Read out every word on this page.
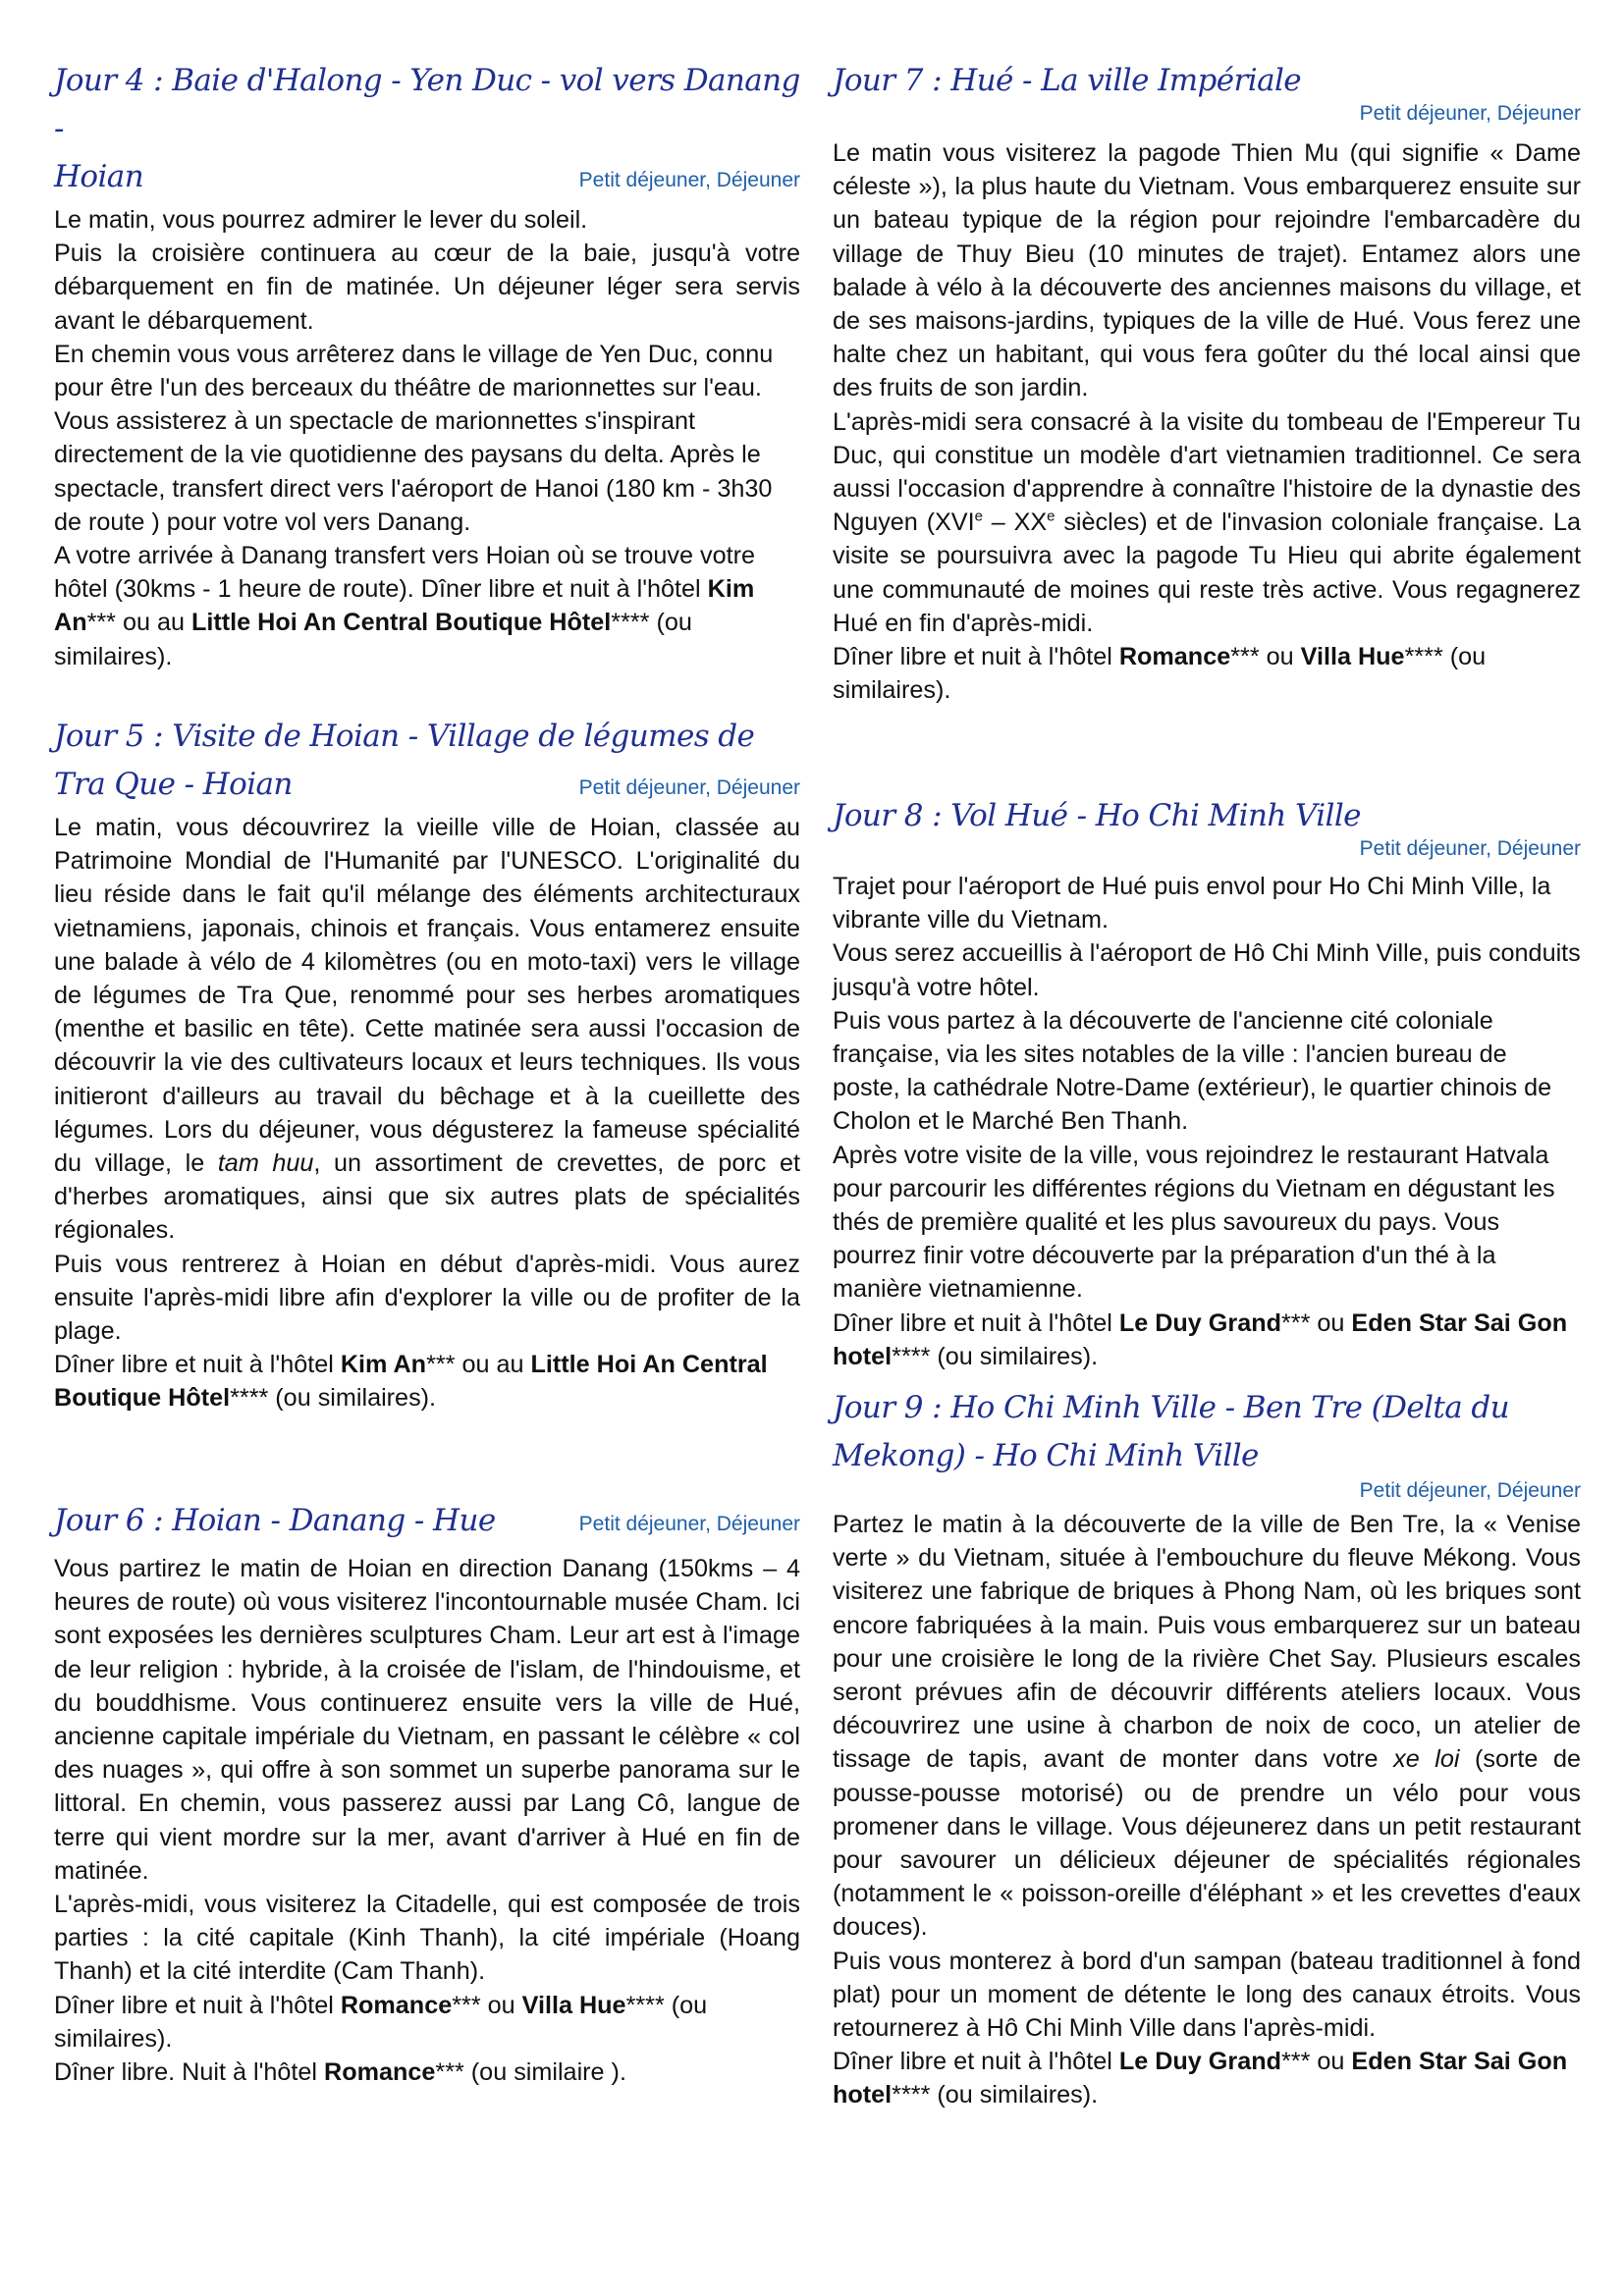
Jour 4 : Baie d'Halong - Yen Duc - vol vers Danang -
Hoian	Petit déjeuner, Déjeuner

Le matin, vous pourrez admirer le lever du soleil.

Puis la croisière continuera au cœur de la baie, jusqu'à votre débarquement en fin de matinée. Un déjeuner léger sera servis avant le débarquement.

En chemin vous vous arrêterez dans le village de Yen Duc, connu pour être l'un des berceaux du théâtre de marionnettes sur l'eau. Vous assisterez à un spectacle de marionnettes s'inspirant directement de la vie quotidienne des paysans du delta. Après le spectacle, transfert direct vers l'aéroport de Hanoi (180 km - 3h30 de route ) pour votre vol vers Danang.

A votre arrivée à Danang transfert vers Hoian où se trouve votre hôtel (30kms - 1 heure de route). Dîner libre et nuit à l'hôtel Kim An*** ou au Little Hoi An Central Boutique Hôtel**** (ou similaires).

Jour 5 : Visite de Hoian - Village de légumes de
Tra Que - Hoian	Petit déjeuner, Déjeuner

Le matin, vous découvrirez la vieille ville de Hoian, classée au Patrimoine Mondial de l'Humanité par l'UNESCO. L'originalité du lieu réside dans le fait qu'il mélange des éléments architecturaux vietnamiens, japonais, chinois et français. Vous entamerez ensuite une balade à vélo de 4 kilomètres (ou en moto-taxi) vers le village de légumes de Tra Que, renommé pour ses herbes aromatiques (menthe et basilic en tête). Cette matinée sera aussi l'occasion de découvrir la vie des cultivateurs locaux et leurs techniques. Ils vous initieront d'ailleurs au travail du bêchage et à la cueillette des légumes. Lors du déjeuner, vous dégusterez la fameuse spécialité du village, le tam huu, un assortiment de crevettes, de porc et d'herbes aromatiques, ainsi que six autres plats de spécialités régionales.

Puis vous rentrerez à Hoian en début d'après-midi. Vous aurez ensuite l'après-midi libre afin d'explorer la ville ou de profiter de la plage.

Dîner libre et nuit à l'hôtel Kim An*** ou au Little Hoi An Central Boutique Hôtel**** (ou similaires).

Jour 6 : Hoian - Danang - Hue	Petit déjeuner, Déjeuner

Vous partirez le matin de Hoian en direction Danang (150kms – 4 heures de route) où vous visiterez l'incontournable musée Cham. Ici sont exposées les dernières sculptures Cham. Leur art est à l'image de leur religion : hybride, à la croisée de l'islam, de l'hindouisme, et du bouddhisme. Vous continuerez ensuite vers la ville de Hué, ancienne capitale impériale du Vietnam, en passant le célèbre « col des nuages », qui offre à son sommet un superbe panorama sur le littoral. En chemin, vous passerez aussi par Lang Cô, langue de terre qui vient mordre sur la mer, avant d'arriver à Hué en fin de matinée.

L'après-midi, vous visiterez la Citadelle, qui est composée de trois parties : la cité capitale (Kinh Thanh), la cité impériale (Hoang Thanh) et la cité interdite (Cam Thanh).

Dîner libre et nuit à l'hôtel Romance*** ou Villa Hue**** (ou similaires).

Dîner libre. Nuit à l'hôtel Romance*** (ou similaire ).

Jour 7 : Hué - La ville Impériale

Petit déjeuner, Déjeuner

Le matin vous visiterez la pagode Thien Mu (qui signifie « Dame céleste »), la plus haute du Vietnam. Vous embarquerez ensuite sur un bateau typique de la région pour rejoindre l'embarcadère du village de Thuy Bieu (10 minutes de trajet). Entamez alors une balade à vélo à la découverte des anciennes maisons du village, et de ses maisons-jardins, typiques de la ville de Hué. Vous ferez une halte chez un habitant, qui vous fera goûter du thé local ainsi que des fruits de son jardin.

L'après-midi sera consacré à la visite du tombeau de l'Empereur Tu Duc, qui constitue un modèle d'art vietnamien traditionnel. Ce sera aussi l'occasion d'apprendre à connaître l'histoire de la dynastie des Nguyen (XVIe – XXe siècles) et de l'invasion coloniale française. La visite se poursuivra avec la pagode Tu Hieu qui abrite également une communauté de moines qui reste très active. Vous regagnerez Hué en fin d'après-midi.

Dîner libre et nuit à l'hôtel Romance*** ou Villa Hue**** (ou similaires).

Jour 8 : Vol Hué - Ho Chi Minh Ville

Petit déjeuner, Déjeuner

Trajet pour l'aéroport de Hué puis envol pour Ho Chi Minh Ville, la vibrante ville du Vietnam.

Vous serez accueillis à l'aéroport de Hô Chi Minh Ville, puis conduits jusqu'à votre hôtel.

Puis vous partez à la découverte de l'ancienne cité coloniale française, via les sites notables de la ville : l'ancien bureau de poste, la cathédrale Notre-Dame (extérieur), le quartier chinois de Cholon et le Marché Ben Thanh.

Après votre visite de la ville, vous rejoindrez le restaurant Hatvala pour parcourir les différentes régions du Vietnam en dégustant les thés de première qualité et les plus savoureux du pays. Vous pourrez finir votre découverte par la préparation d'un thé à la manière vietnamienne.

Dîner libre et nuit à l'hôtel Le Duy Grand*** ou Eden Star Sai Gon hotel**** (ou similaires).

Jour 9 : Ho Chi Minh Ville - Ben Tre (Delta du
Mekong) - Ho Chi Minh Ville

Petit déjeuner, Déjeuner

Partez le matin à la découverte de la ville de Ben Tre, la « Venise verte » du Vietnam, située à l'embouchure du fleuve Mékong. Vous visiterez une fabrique de briques à Phong Nam, où les briques sont encore fabriquées à la main. Puis vous embarquerez sur un bateau pour une croisière le long de la rivière Chet Say. Plusieurs escales seront prévues afin de découvrir différents ateliers locaux. Vous découvrirez une usine à charbon de noix de coco, un atelier de tissage de tapis, avant de monter dans votre xe loi (sorte de pousse-pousse motorisé) ou de prendre un vélo pour vous promener dans le village. Vous déjeunerez dans un petit restaurant pour savourer un délicieux déjeuner de spécialités régionales (notamment le « poisson-oreille d'éléphant » et les crevettes d'eaux douces).

Puis vous monterez à bord d'un sampan (bateau traditionnel à fond plat) pour un moment de détente le long des canaux étroits. Vous retournerez à Hô Chi Minh Ville dans l'après-midi.

Dîner libre et nuit à l'hôtel Le Duy Grand*** ou Eden Star Sai Gon hotel**** (ou similaires).
